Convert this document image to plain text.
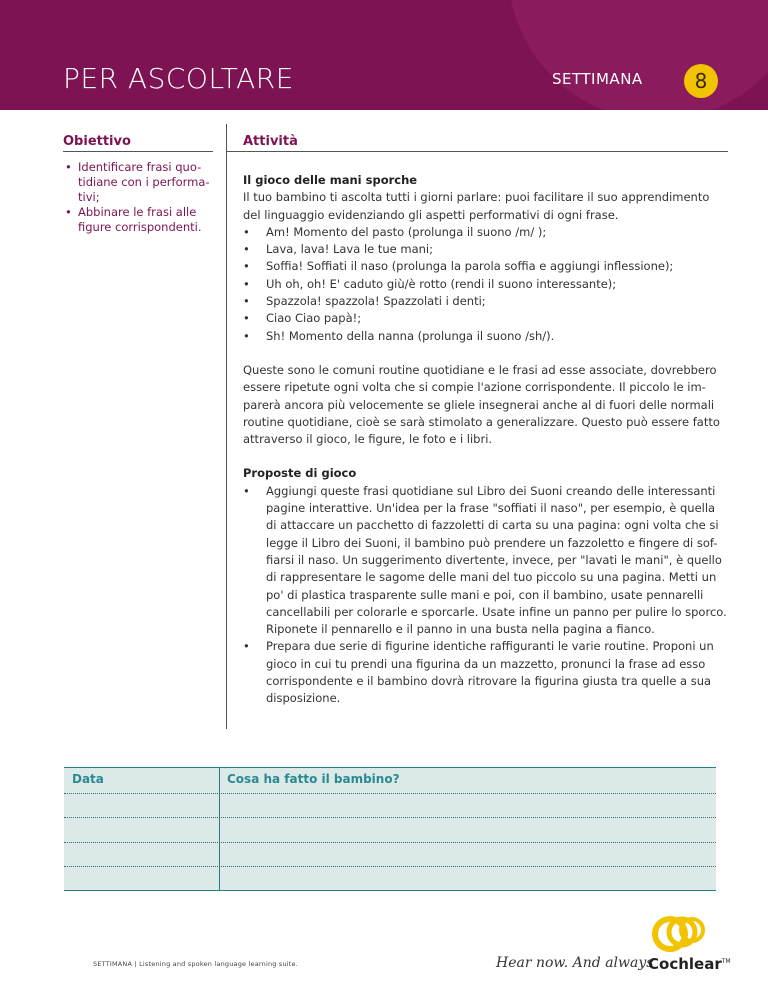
PER ASCOLTARE	SETTIMANA	8
Obiettivo	Attività
• Identificare frasi quo-
tidiane con i performa-
tivi;
• Abbinare le frasi alle
figure corrispondenti.
Il gioco delle mani sporche

Il tuo bambino ti ascolta tutti i giorni parlare: puoi facilitare il suo apprendimento
del linguaggio evidenziando gli aspetti performativi di ogni frase.

• Am! Momento del pasto (prolunga il suono /m/ );
• Lava, lava! Lava le tue mani;
• Soffia! Soffiati il naso (prolunga la parola soffia e aggiungi inflessione);
• Uh oh, oh! E' caduto giù/è rotto (rendi il suono interessante);
• Spazzola! spazzola! Spazzolati i denti;
• Ciao Ciao papà!;
• Sh! Momento della nanna (prolunga il suono /sh/).

Queste sono le comuni routine quotidiane e le frasi ad esse associate, dovrebbero
essere ripetute ogni volta che si compie l'azione corrispondente. Il piccolo le im-
parerà ancora più velocemente se gliele insegnerai anche al di fuori delle normali
routine quotidiane, cioè se sarà stimolato a generalizzare. Questo può essere fatto
attraverso il gioco, le figure, le foto e i libri.

Proposte di gioco
• Aggiungi queste frasi quotidiane sul Libro dei Suoni creando delle interessanti
pagine interattive. Un'idea per la frase "soffiati il naso", per esempio, è quella
di attaccare un pacchetto di fazzoletti di carta su una pagina: ogni volta che si
legge il Libro dei Suoni, il bambino può prendere un fazzoletto e fingere di sof-
fiarsi il naso. Un suggerimento divertente, invece, per "lavati le mani", è quello
di rappresentare le sagome delle mani del tuo piccolo su una pagina. Metti un
po' di plastica trasparente sulle mani e poi, con il bambino, usate pennarelli
cancellabili per colorarle e sporcarle. Usate infine un panno per pulire lo sporco.
Riponete il pennarello e il panno in una busta nella pagina a fianco.
• Prepara due serie di figurine identiche raffiguranti le varie routine. Proponi un
gioco in cui tu prendi una figurina da un mazzetto, pronunci la frase ad esso
corrispondente e il bambino dovrà ritrovare la figurina giusta tra quelle a sua
disposizione.
Data	Cosa ha fatto il bambino?
SETTIMANA | Listening and spoken language learning suite.	Hear now. And always
Cochlear™
